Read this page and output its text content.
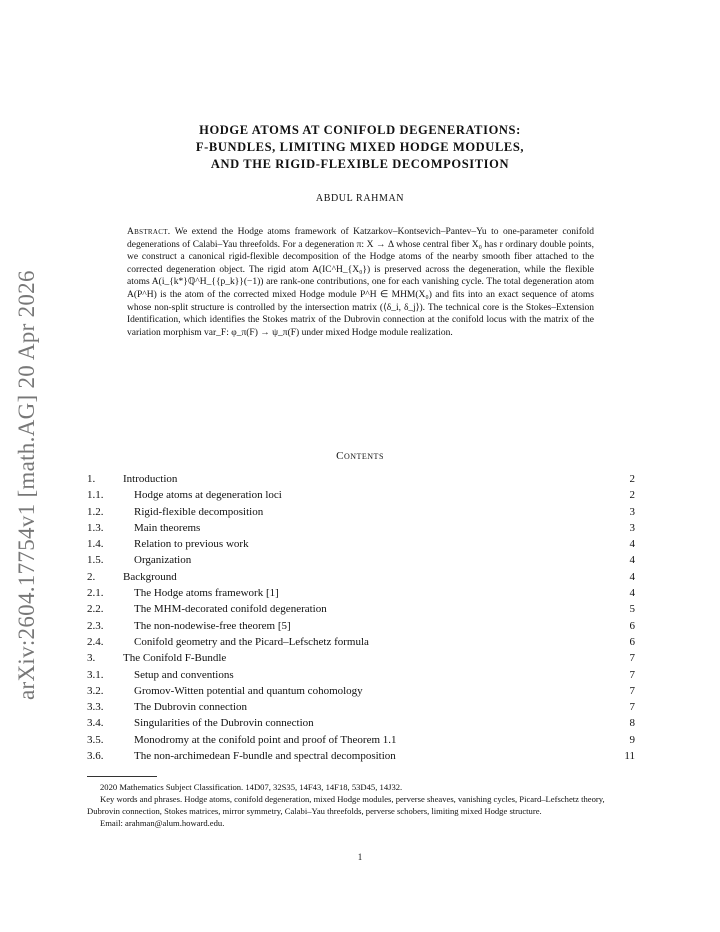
arXiv:2604.17754v1 [math.AG] 20 Apr 2026
HODGE ATOMS AT CONIFOLD DEGENERATIONS:
F-BUNDLES, LIMITING MIXED HODGE MODULES,
AND THE RIGID-FLEXIBLE DECOMPOSITION
ABDUL RAHMAN
Abstract. We extend the Hodge atoms framework of Katzarkov–Kontsevich–Pantev–Yu to one-parameter conifold degenerations of Calabi–Yau threefolds. For a degeneration π: X → Δ whose central fiber X₀ has r ordinary double points, we construct a canonical rigid-flexible decomposition of the Hodge atoms of the nearby smooth fiber attached to the corrected degeneration object. The rigid atom A(IC^H_{X₀}) is preserved across the degeneration, while the flexible atoms A(i_{k*}ℚ^H_{{p_k}}(−1)) are rank-one contributions, one for each vanishing cycle. The total degeneration atom A(P^H) is the atom of the corrected mixed Hodge module P^H ∈ MHM(X₀) and fits into an exact sequence of atoms whose non-split structure is controlled by the intersection matrix (⟨δ_i, δ_j⟩). The technical core is the Stokes–Extension Identification, which identifies the Stokes matrix of the Dubrovin connection at the conifold locus with the matrix of the variation morphism var_F: φ_π(F) → ψ_π(F) under mixed Hodge module realization.
Contents
1.	Introduction	2
1.1.	Hodge atoms at degeneration loci	2
1.2.	Rigid-flexible decomposition	3
1.3.	Main theorems	3
1.4.	Relation to previous work	4
1.5.	Organization	4
2.	Background	4
2.1.	The Hodge atoms framework [1]	4
2.2.	The MHM-decorated conifold degeneration	5
2.3.	The non-nodewise-free theorem [5]	6
2.4.	Conifold geometry and the Picard–Lefschetz formula	6
3.	The Conifold F-Bundle	7
3.1.	Setup and conventions	7
3.2.	Gromov-Witten potential and quantum cohomology	7
3.3.	The Dubrovin connection	7
3.4.	Singularities of the Dubrovin connection	8
3.5.	Monodromy at the conifold point and proof of Theorem 1.1	9
3.6.	The non-archimedean F-bundle and spectral decomposition	11

2020 Mathematics Subject Classification. 14D07, 32S35, 14F43, 14F18, 53D45, 14J32.

Key words and phrases. Hodge atoms, conifold degeneration, mixed Hodge modules, perverse sheaves, vanishing cycles, Picard–Lefschetz theory, Dubrovin connection, Stokes matrices, mirror symmetry, Calabi–Yau threefolds, perverse schobers, limiting mixed Hodge structure.

Email: arahman@alum.howard.edu.

1
